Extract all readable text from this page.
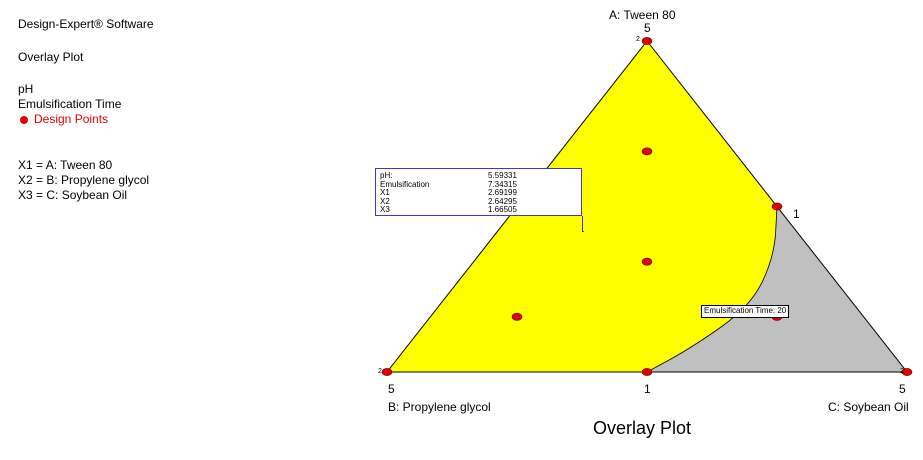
Design-Expert® Software
Overlay Plot
pH
Emulsification Time
Design Points
X1 = A: Tween 80
X2 = B: Propylene glycol
X3 = C: Soybean Oil
A: Tween 80
5
5
B: Propylene glycol
5
C: Soybean Oil
1
1
2
2	2
pH:	5.59331
Emulsification	7.34315
X1	2.69199
X2	2.64295
X3	1.66505
Emulsification Time: 20
Overlay Plot
